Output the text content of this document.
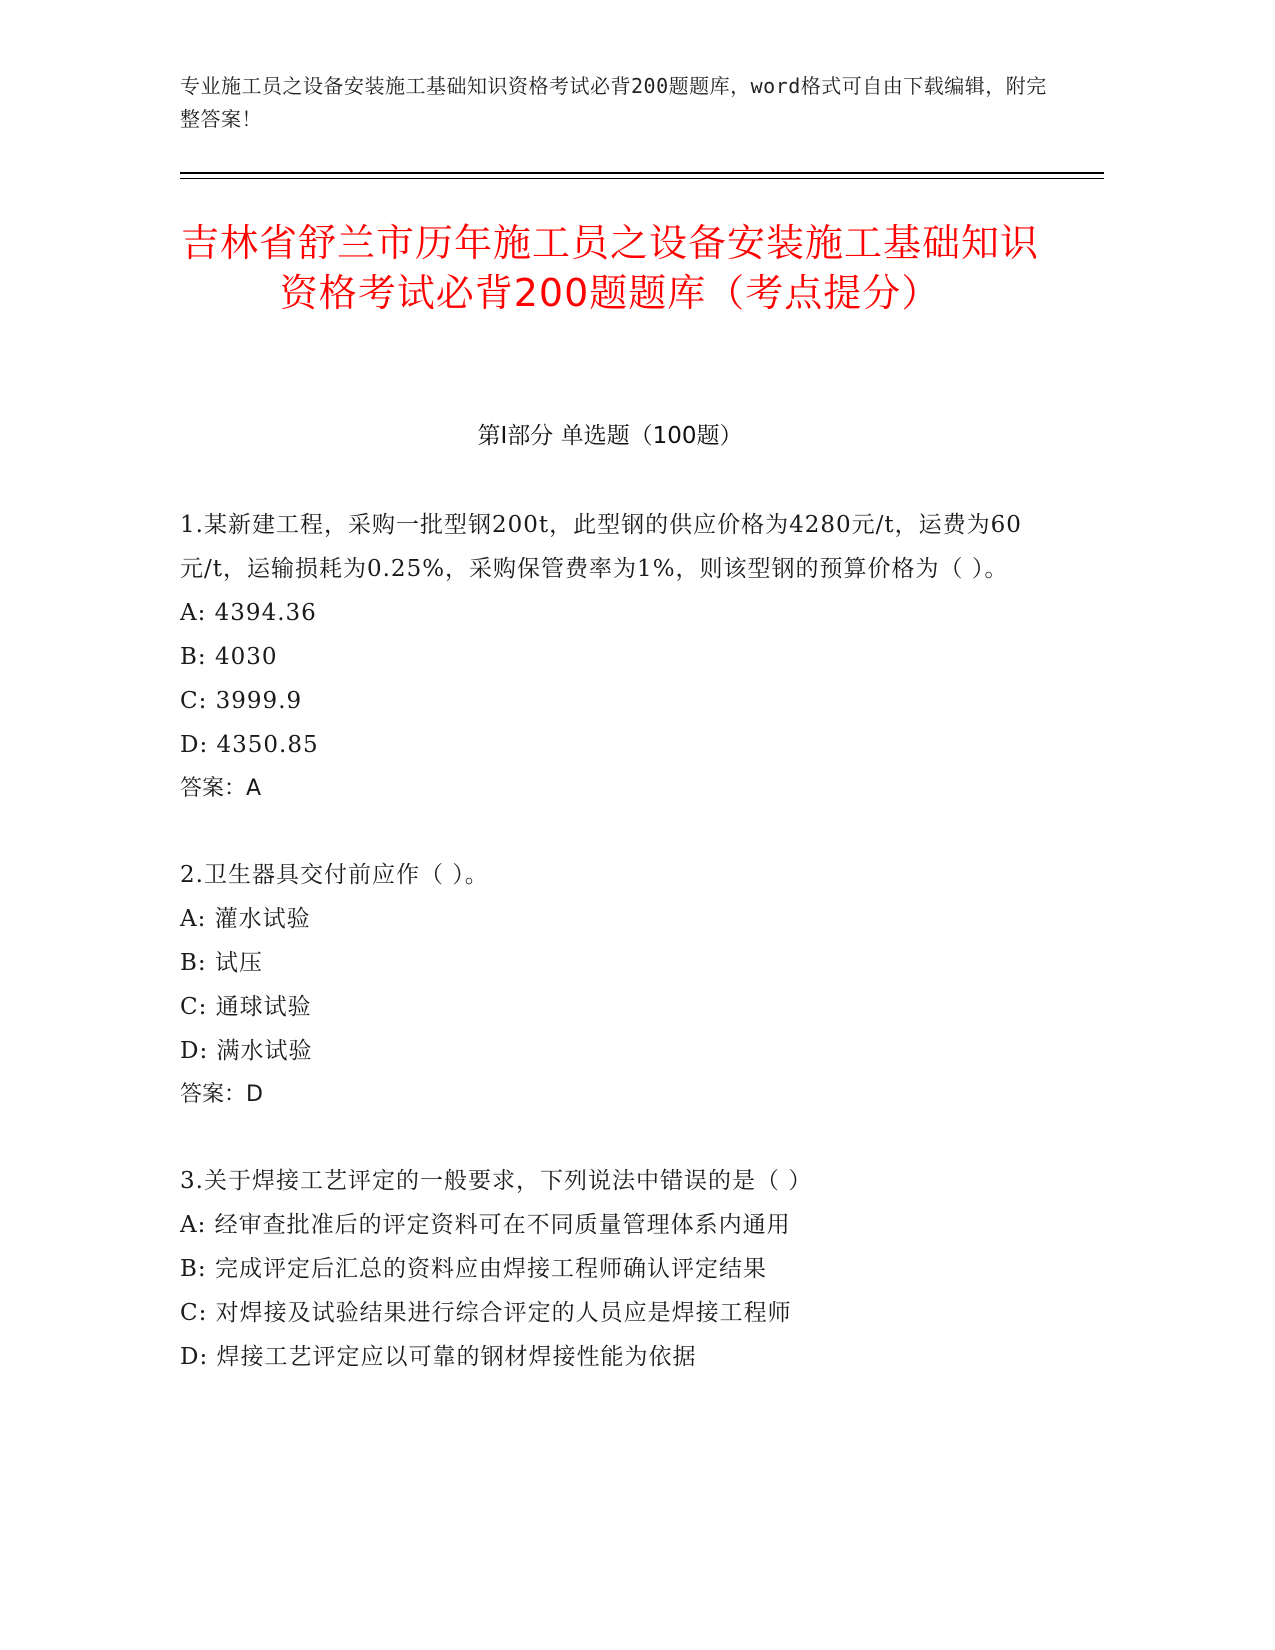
专业施工员之设备安装施工基础知识资格考试必背200题题库，word格式可自由下载编辑，附完整答案！
吉林省舒兰市历年施工员之设备安装施工基础知识资格考试必背200题题库（考点提分）
第I部分 单选题（100题）
1.某新建工程，采购一批型钢200t，此型钢的供应价格为4280元/t，运费为60元/t，运输损耗为0.25%，采购保管费率为1%，则该型钢的预算价格为（ ）。
A: 4394.36
B: 4030
C: 3999.9
D: 4350.85
答案：A
2.卫生器具交付前应作（ ）。
A: 灌水试验
B: 试压
C: 通球试验
D: 满水试验
答案：D
3.关于焊接工艺评定的一般要求，下列说法中错误的是（ ）
A: 经审查批准后的评定资料可在不同质量管理体系内通用
B: 完成评定后汇总的资料应由焊接工程师确认评定结果
C: 对焊接及试验结果进行综合评定的人员应是焊接工程师
D: 焊接工艺评定应以可靠的钢材焊接性能为依据
